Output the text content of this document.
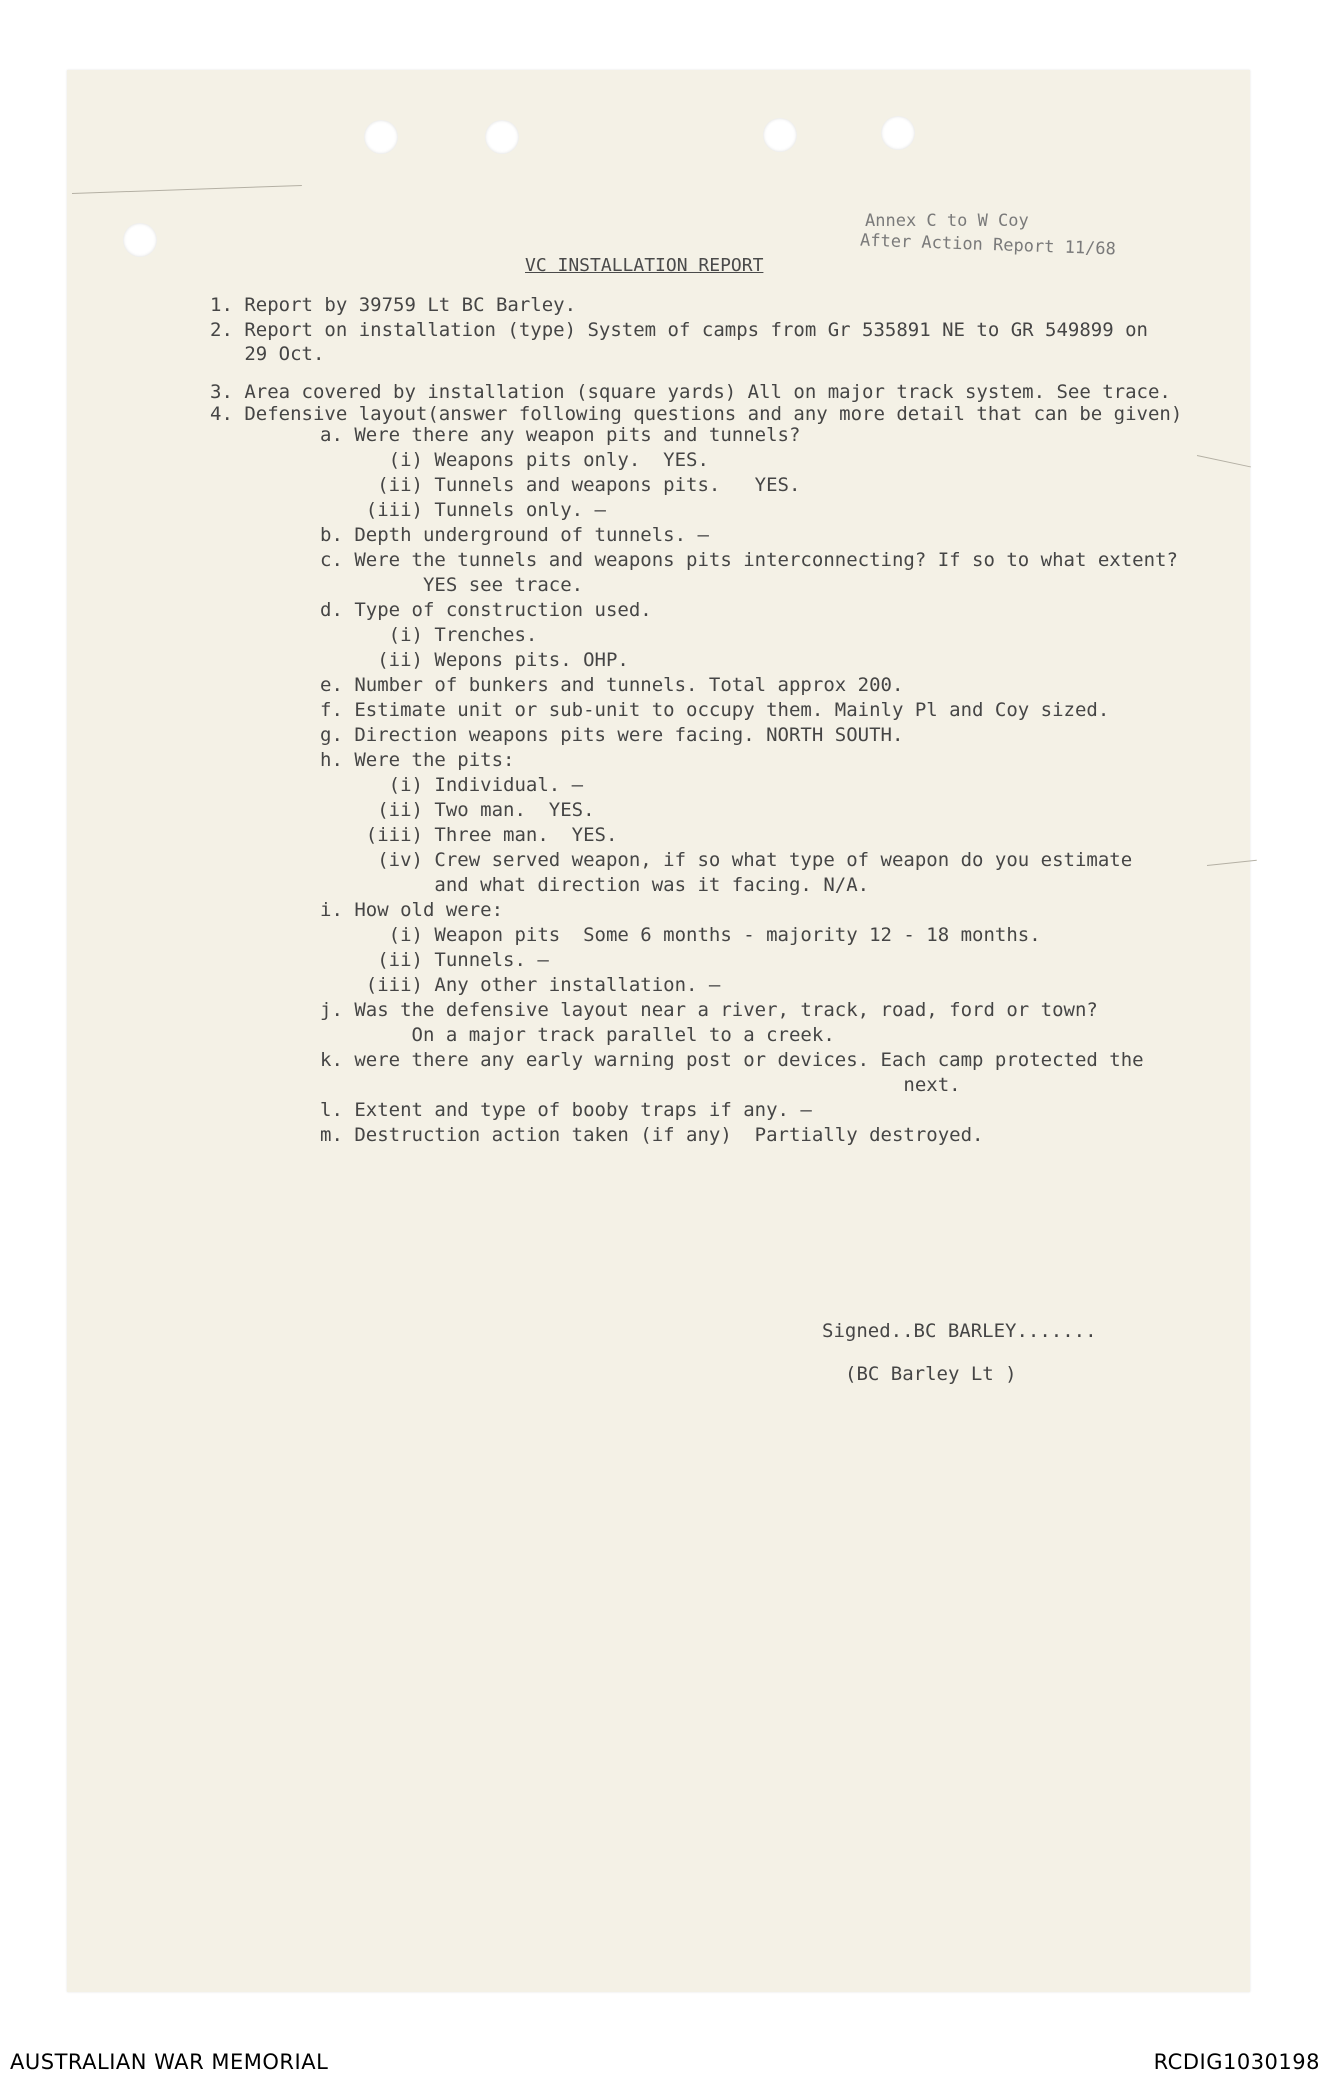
Annex C to W Coy
After Action Report 11/68
VC INSTALLATION REPORT
1. Report by 39759 Lt BC Barley.
2. Report on installation (type) System of camps from Gr 535891 NE to GR 549899 on
29 Oct.
3. Area covered by installation (square yards) All on major track system. See trace.
4. Defensive layout(answer following questions and any more detail that can be given)
a. Were there any weapon pits and tunnels?
(i) Weapons pits only.  YES.
(ii) Tunnels and weapons pits.   YES.
(iii) Tunnels only. —
b. Depth underground of tunnels. —
c. Were the tunnels and weapons pits interconnecting? If so to what extent?
YES see trace.
d. Type of construction used.
(i) Trenches.
(ii) Wepons pits. OHP.
e. Number of bunkers and tunnels. Total approx 200.
f. Estimate unit or sub-unit to occupy them. Mainly Pl and Coy sized.
g. Direction weapons pits were facing. NORTH SOUTH.
h. Were the pits:
(i) Individual. —
(ii) Two man.  YES.
(iii) Three man.  YES.
(iv) Crew served weapon, if so what type of weapon do you estimate
and what direction was it facing. N/A.
i. How old were:
(i) Weapon pits  Some 6 months - majority 12 - 18 months.
(ii) Tunnels. —
(iii) Any other installation. —
j. Was the defensive layout near a river, track, road, ford or town?
On a major track parallel to a creek.
k. were there any early warning post or devices. Each camp protected the
next.
l. Extent and type of booby traps if any. —
m. Destruction action taken (if any)  Partially destroyed.
Signed..BC BARLEY.......
(BC Barley Lt )
AUSTRALIAN WAR MEMORIAL	RCDIG1030198
